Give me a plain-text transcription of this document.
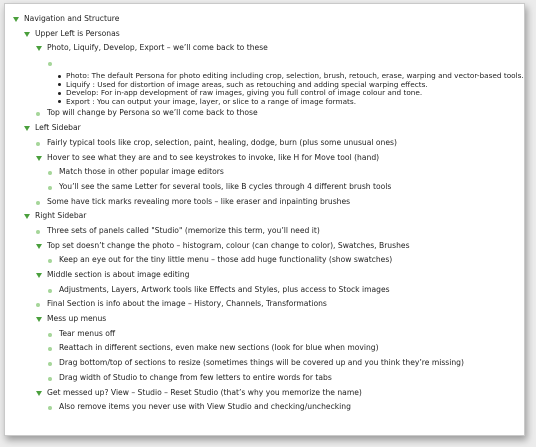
Navigation and Structure
Upper Left is Personas
Photo, Liquify, Develop, Export – we’ll come back to these
Photo: The default Persona for photo editing including crop, selection, brush, retouch, erase, warping and vector-based tools.
Liquify : Used for distortion of image areas, such as retouching and adding special warping effects.
Develop: For in-app development of raw images, giving you full control of image colour and tone.
Export : You can output your image, layer, or slice to a range of image formats.
Top will change by Persona so we’ll come back to those
Left Sidebar
Fairly typical tools like crop, selection, paint, healing, dodge, burn (plus some unusual ones)
Hover to see what they are and to see keystrokes to invoke, like H for Move tool (hand)
Match those in other popular image editors
You’ll see the same Letter for several tools, like B cycles through 4 different brush tools
Some have tick marks revealing more tools – like eraser and inpainting brushes
Right Sidebar
Three sets of panels called "Studio" (memorize this term, you’ll need it)
Top set doesn’t change the photo – histogram, colour (can change to color), Swatches, Brushes
Keep an eye out for the tiny little menu – those add huge functionality (show swatches)
Middle section is about image editing
Adjustments, Layers, Artwork tools like Effects and Styles, plus access to Stock images
Final Section is info about the image – History, Channels, Transformations
Mess up menus
Tear menus off
Reattach in different sections, even make new sections (look for blue when moving)
Drag bottom/top of sections to resize (sometimes things will be covered up and you think they’re missing)
Drag width of Studio to change from few letters to entire words for tabs
Get messed up? View – Studio – Reset Studio (that’s why you memorize the name)
Also remove items you never use with View Studio and checking/unchecking
